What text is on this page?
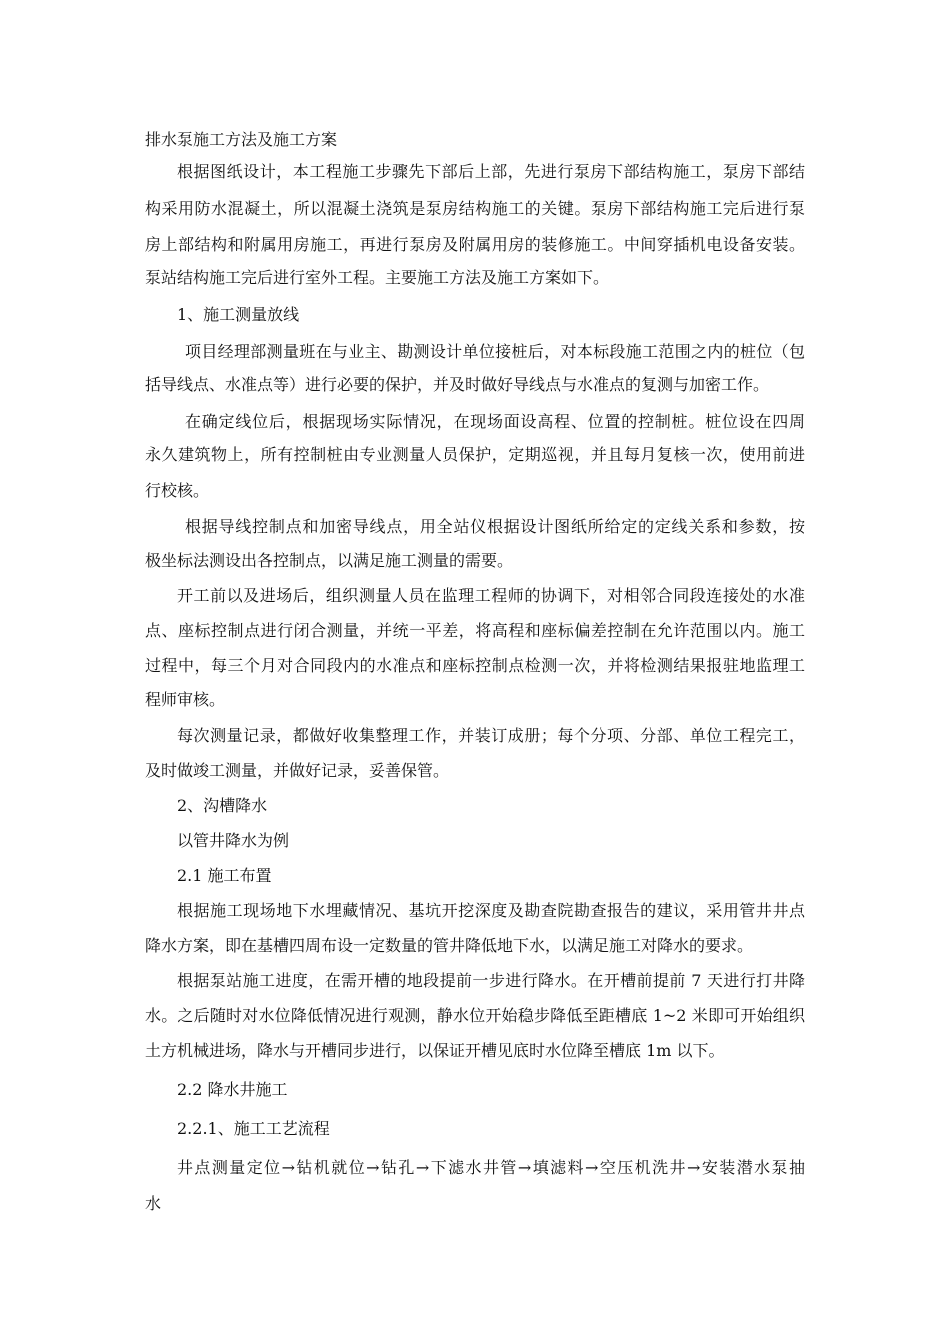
排水泵施工方法及施工方案
根据图纸设计，本工程施工步骤先下部后上部，先进行泵房下部结构施工，泵房下部结
构采用防水混凝土，所以混凝土浇筑是泵房结构施工的关键。泵房下部结构施工完后进行泵
房上部结构和附属用房施工，再进行泵房及附属用房的装修施工。中间穿插机电设备安装。
泵站结构施工完后进行室外工程。主要施工方法及施工方案如下。
1、施工测量放线
项目经理部测量班在与业主、勘测设计单位接桩后，对本标段施工范围之内的桩位（包
括导线点、水准点等）进行必要的保护，并及时做好导线点与水准点的复测与加密工作。
在确定线位后，根据现场实际情况，在现场面设高程、位置的控制桩。桩位设在四周
永久建筑物上，所有控制桩由专业测量人员保护，定期巡视，并且每月复核一次，使用前进
行校核。
根据导线控制点和加密导线点，用全站仪根据设计图纸所给定的定线关系和参数，按
极坐标法测设出各控制点，以满足施工测量的需要。
开工前以及进场后，组织测量人员在监理工程师的协调下，对相邻合同段连接处的水准
点、座标控制点进行闭合测量，并统一平差，将高程和座标偏差控制在允许范围以内。施工
过程中，每三个月对合同段内的水准点和座标控制点检测一次，并将检测结果报驻地监理工
程师审核。
每次测量记录，都做好收集整理工作，并装订成册；每个分项、分部、单位工程完工，
及时做竣工测量，并做好记录，妥善保管。
2、沟槽降水
以管井降水为例
2.1 施工布置
根据施工现场地下水埋藏情况、基坑开挖深度及勘查院勘查报告的建议，采用管井井点
降水方案，即在基槽四周布设一定数量的管井降低地下水，以满足施工对降水的要求。
根据泵站施工进度，在需开槽的地段提前一步进行降水。在开槽前提前 7 天进行打井降
水。之后随时对水位降低情况进行观测，静水位开始稳步降低至距槽底 1~2 米即可开始组织
土方机械进场，降水与开槽同步进行，以保证开槽见底时水位降至槽底 1m 以下。
2.2 降水井施工
2.2.1、施工工艺流程
井点测量定位→钻机就位→钻孔→下滤水井管→填滤料→空压机洗井→安装潜水泵抽
水
